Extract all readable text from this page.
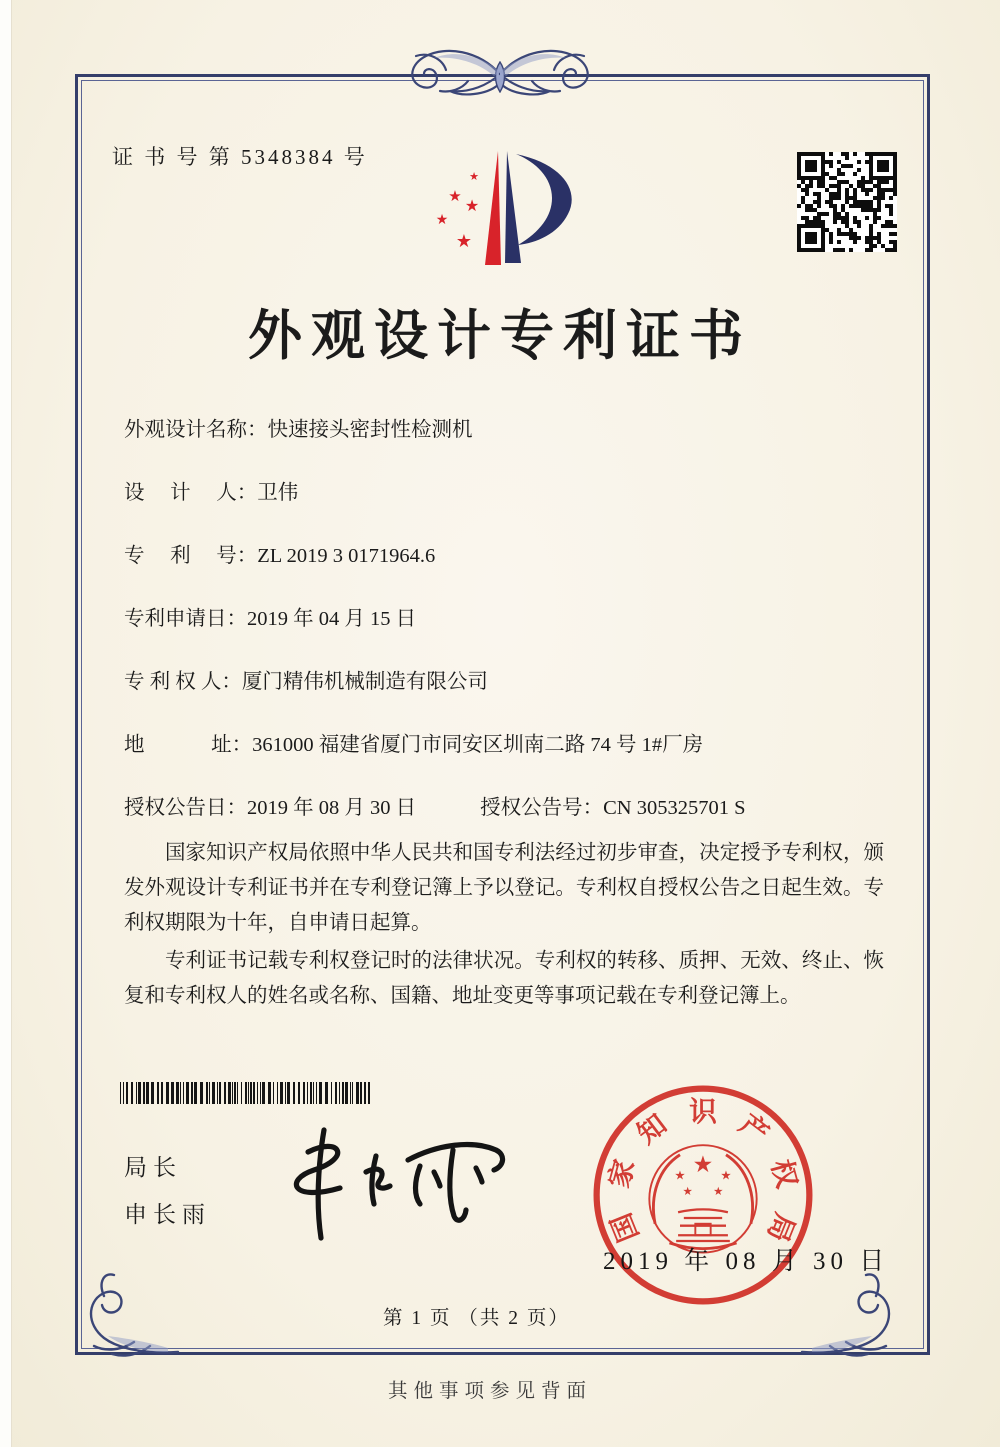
证 书 号 第 5348384 号
★
★ ★
★
★
外观设计专利证书
外观设计名称：快速接头密封性检测机
设　 计 　人：卫伟
专　 利 　号：ZL 2019 3 0171964.6
专利申请日：2019 年 04 月 15 日
专 利 权 人：厦门精伟机械制造有限公司
地　　　 址：361000 福建省厦门市同安区圳南二路 74 号 1#厂房
授权公告日：2019 年 08 月 30 日	授权公告号：CN 305325701 S

国家知识产权局依照中华人民共和国专利法经过初步审查，决定授予专利权，颁发外观设计专利证书并在专利登记簿上予以登记。专利权自授权公告之日起生效。专利权期限为十年，自申请日起算。

专利证书记载专利权登记时的法律状况。专利权的转移、质押、无效、终止、恢复和专利权人的姓名或名称、国籍、地址变更等事项记载在专利登记簿上。

局长
申长雨	国
家
知 识 产
权
局
★
★	★
★ ★
2019 年 08 月 30 日
第 1 页 （共 2 页）
其他事项参见背面
